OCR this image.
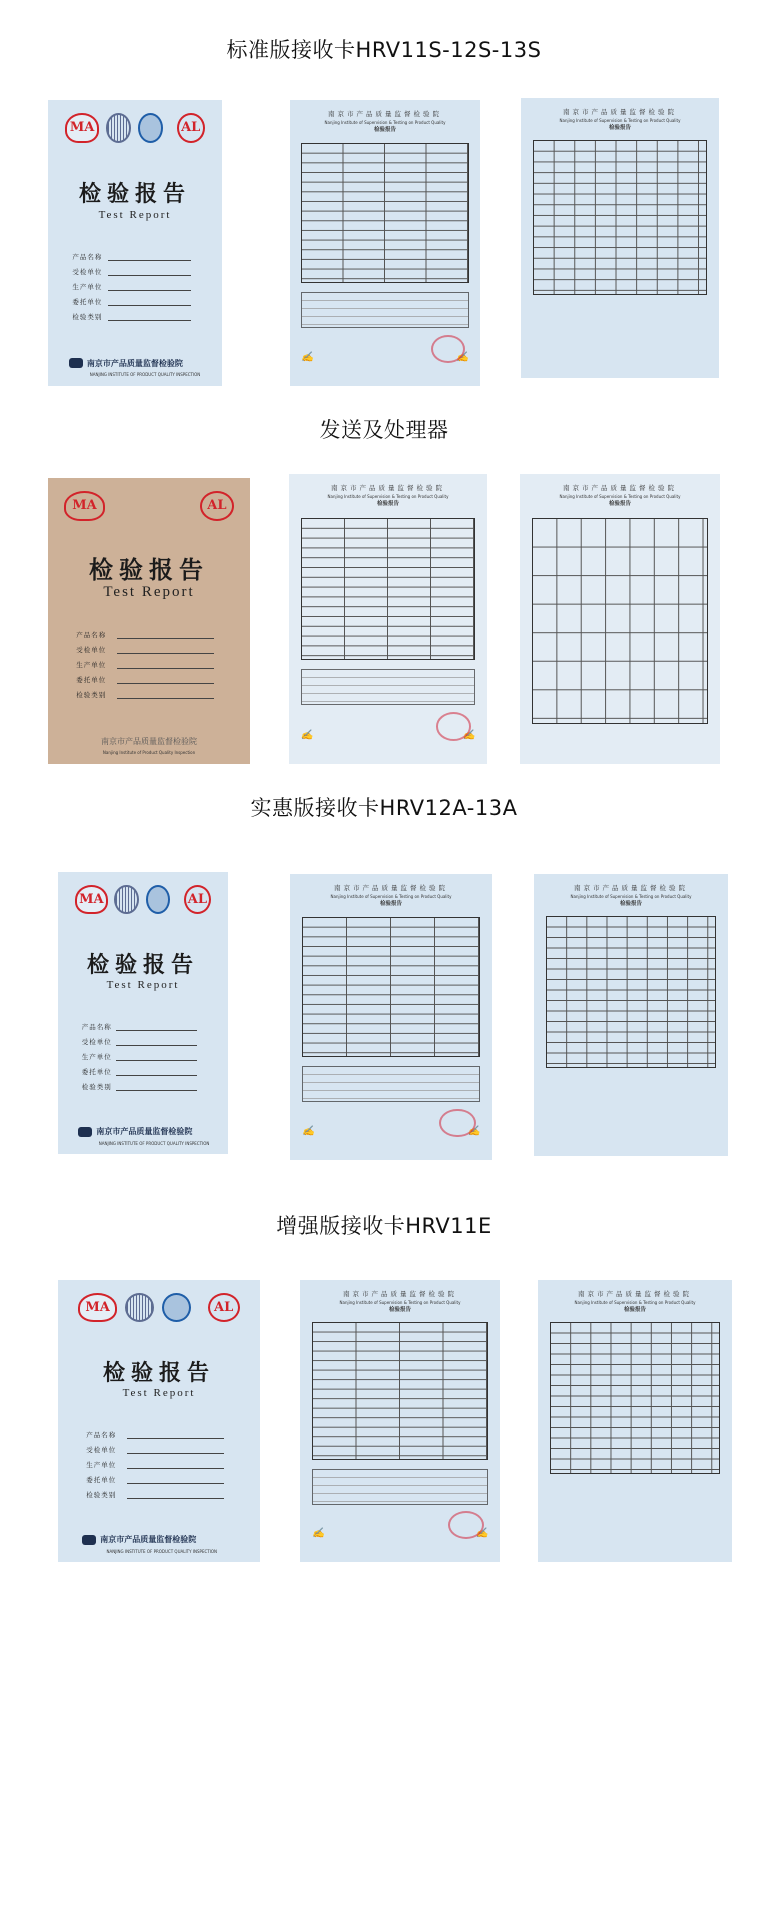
标准版接收卡HRV11S-12S-13S
MA	AL
检验报告
Test Report
产品名称
受检单位
生产单位
委托单位
检验类别
南京市产品质量监督检验院
NANJING INSTITUTE OF PRODUCT QUALITY INSPECTION
南京市产品质量监督检验院
Nanjing Institute of Supervision & Testing on Product Quality
检验报告
✍	✍
南京市产品质量监督检验院
Nanjing Institute of Supervision & Testing on Product Quality
检验报告
发送及处理器
MA	AL
检验报告
Test Report
产品名称
受检单位
生产单位
委托单位
检验类别
南京市产品质量监督检验院
Nanjing Institute of Product Quality Inspection
南京市产品质量监督检验院
Nanjing Institute of Supervision & Testing on Product Quality
检验报告
✍	✍
南京市产品质量监督检验院
Nanjing Institute of Supervision & Testing on Product Quality
检验报告
实惠版接收卡HRV12A-13A
MA	AL
检验报告
Test Report
产品名称
受检单位
生产单位
委托单位
检验类别
南京市产品质量监督检验院
NANJING INSTITUTE OF PRODUCT QUALITY INSPECTION
南京市产品质量监督检验院
Nanjing Institute of Supervision & Testing on Product Quality
检验报告
✍	✍
南京市产品质量监督检验院
Nanjing Institute of Supervision & Testing on Product Quality
检验报告
增强版接收卡HRV11E
MA	AL
检验报告
Test Report
产品名称
受检单位
生产单位
委托单位
检验类别
南京市产品质量监督检验院
NANJING INSTITUTE OF PRODUCT QUALITY INSPECTION
南京市产品质量监督检验院
Nanjing Institute of Supervision & Testing on Product Quality
检验报告
✍	✍
南京市产品质量监督检验院
Nanjing Institute of Supervision & Testing on Product Quality
检验报告
